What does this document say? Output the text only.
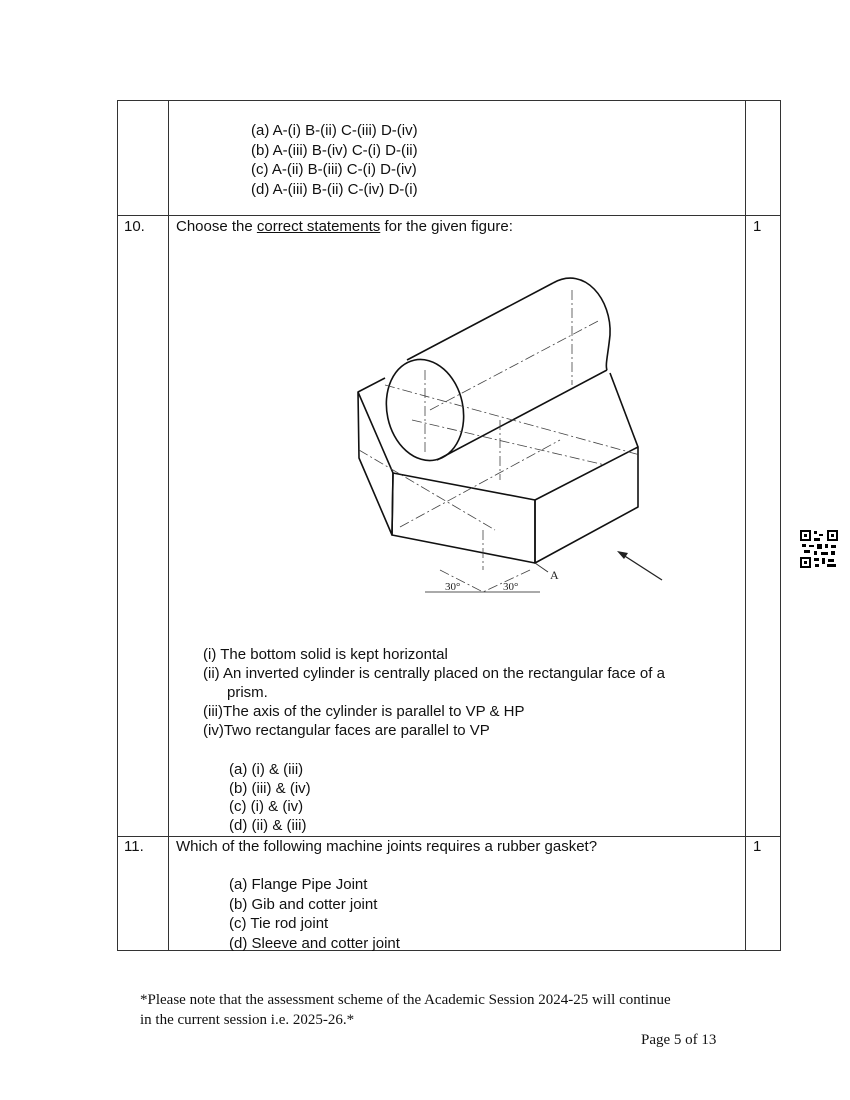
(a) A-(i) B-(ii) C-(iii) D-(iv)
(b) A-(iii) B-(iv) C-(i) D-(ii)
(c) A-(ii) B-(iii) C-(i) D-(iv)
(d) A-(iii) B-(ii) C-(iv) D-(i)
10. Choose the correct statements for the given figure:	1
30°	30°
A
(i) The bottom solid is kept horizontal
(ii) An inverted cylinder is centrally placed on the rectangular face of a
prism.
(iii)The axis of the cylinder is parallel to VP & HP
(iv)Two rectangular faces are parallel to VP
(a) (i) & (iii)
(b) (iii) & (iv)
(c) (i) & (iv)
(d) (ii) & (iii)
11. Which of the following machine joints requires a rubber gasket?	1
(a) Flange Pipe Joint
(b) Gib and cotter joint
(c) Tie rod joint
(d) Sleeve and cotter joint
*Please note that the assessment scheme of the Academic Session 2024-25 will continue
in the current session i.e. 2025-26.*
Page 5 of 13
